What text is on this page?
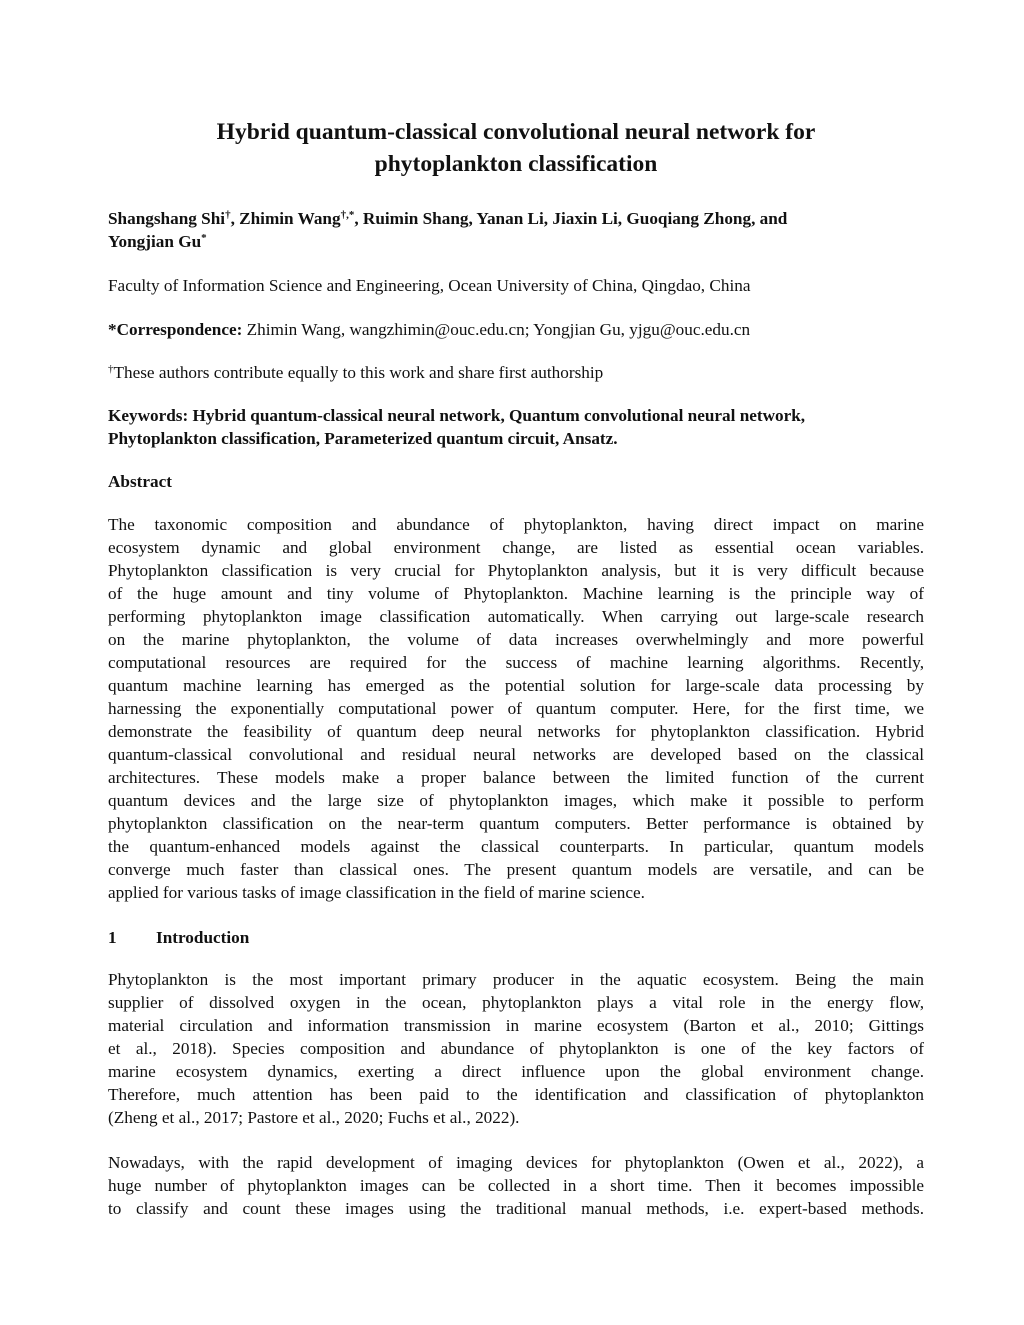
Hybrid quantum-classical convolutional neural network for
phytoplankton classification
Shangshang Shi†, Zhimin Wang†,*, Ruimin Shang, Yanan Li, Jiaxin Li, Guoqiang Zhong, and
Yongjian Gu*

Faculty of Information Science and Engineering, Ocean University of China, Qingdao, China

*Correspondence: Zhimin Wang, wangzhimin@ouc.edu.cn; Yongjian Gu, yjgu@ouc.edu.cn

†These authors contribute equally to this work and share first authorship

Keywords: Hybrid quantum-classical neural network, Quantum convolutional neural network,
Phytoplankton classification, Parameterized quantum circuit, Ansatz.

Abstract

The taxonomic composition and abundance of phytoplankton, having direct impact on marine
ecosystem dynamic and global environment change, are listed as essential ocean variables.
Phytoplankton classification is very crucial for Phytoplankton analysis, but it is very difficult because
of the huge amount and tiny volume of Phytoplankton. Machine learning is the principle way of
performing phytoplankton image classification automatically. When carrying out large-scale research
on the marine phytoplankton, the volume of data increases overwhelmingly and more powerful
computational resources are required for the success of machine learning algorithms. Recently,
quantum machine learning has emerged as the potential solution for large-scale data processing by
harnessing the exponentially computational power of quantum computer. Here, for the first time, we
demonstrate the feasibility of quantum deep neural networks for phytoplankton classification. Hybrid
quantum-classical convolutional and residual neural networks are developed based on the classical
architectures. These models make a proper balance between the limited function of the current
quantum devices and the large size of phytoplankton images, which make it possible to perform
phytoplankton classification on the near-term quantum computers. Better performance is obtained by
the quantum-enhanced models against the classical counterparts. In particular, quantum models
converge much faster than classical ones. The present quantum models are versatile, and can be
applied for various tasks of image classification in the field of marine science.

1 Introduction

Phytoplankton is the most important primary producer in the aquatic ecosystem. Being the main
supplier of dissolved oxygen in the ocean, phytoplankton plays a vital role in the energy flow,
material circulation and information transmission in marine ecosystem (Barton et al., 2010; Gittings
et al., 2018). Species composition and abundance of phytoplankton is one of the key factors of
marine ecosystem dynamics, exerting a direct influence upon the global environment change.
Therefore, much attention has been paid to the identification and classification of phytoplankton
(Zheng et al., 2017; Pastore et al., 2020; Fuchs et al., 2022).

Nowadays, with the rapid development of imaging devices for phytoplankton (Owen et al., 2022), a
huge number of phytoplankton images can be collected in a short time. Then it becomes impossible
to classify and count these images using the traditional manual methods, i.e. expert-based methods.
